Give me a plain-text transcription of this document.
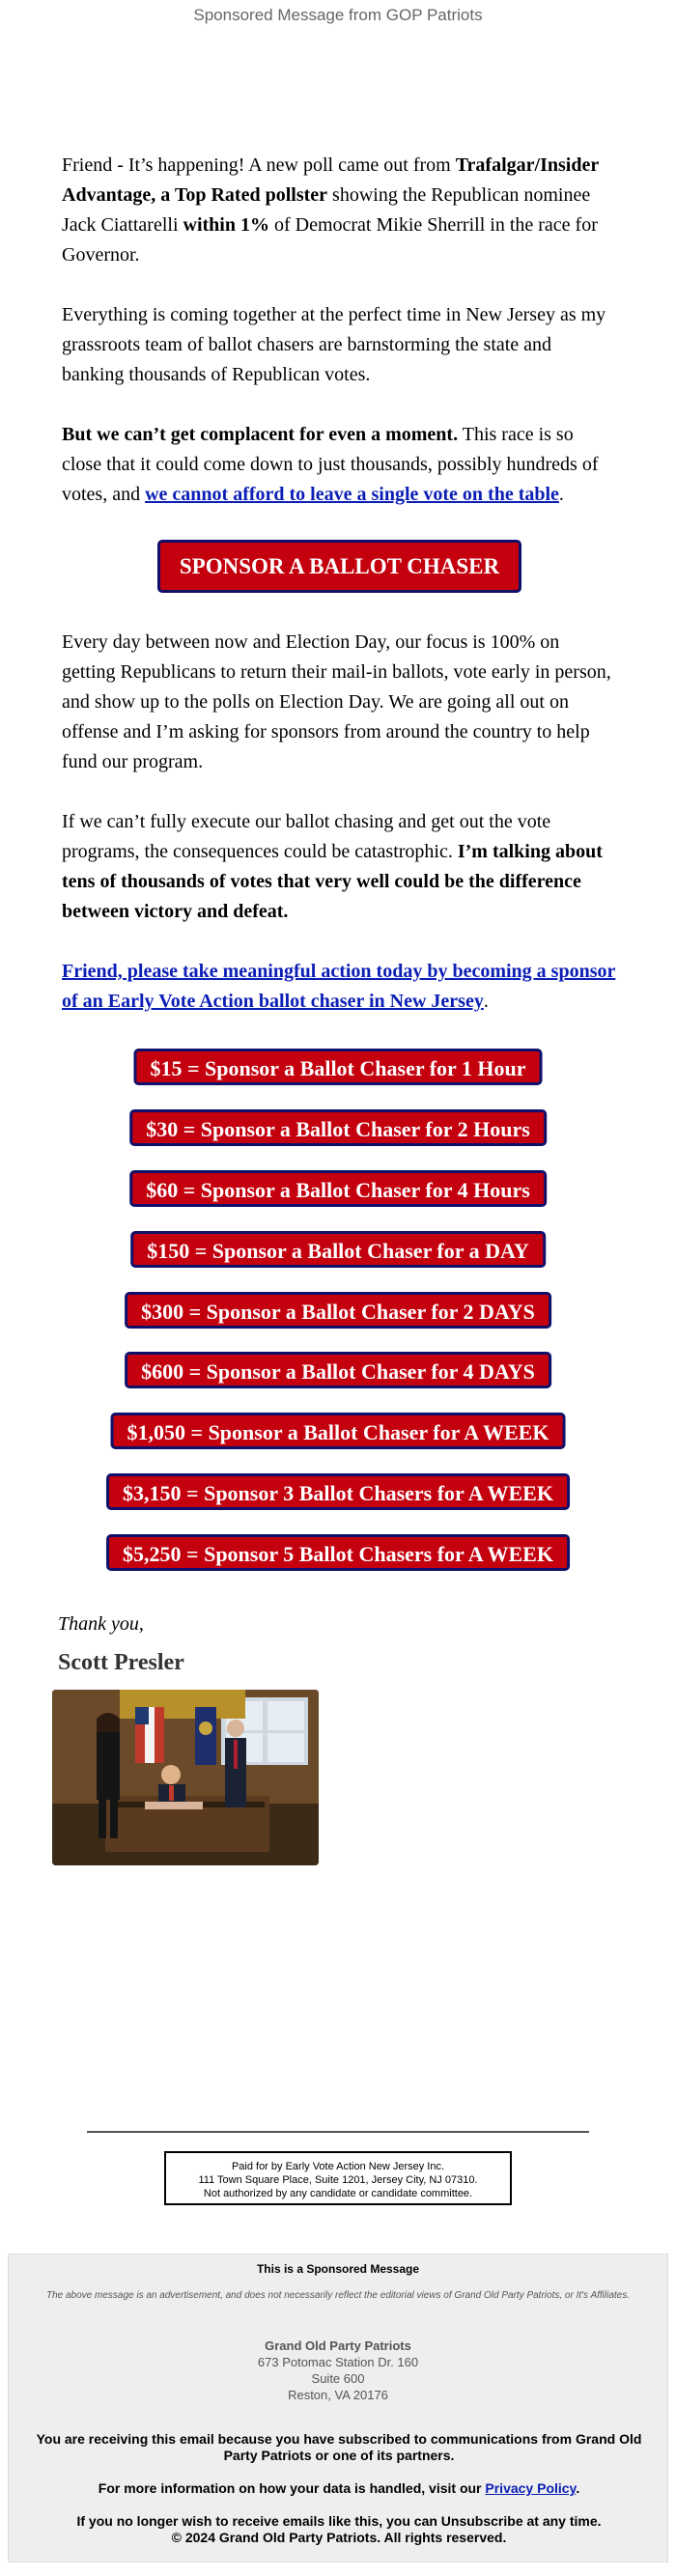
Sponsored Message from GOP Patriots

Friend - It’s happening! A new poll came out from Trafalgar/Insider Advantage, a Top Rated pollster showing the Republican nominee Jack Ciattarelli within 1% of Democrat Mikie Sherrill in the race for Governor.

Everything is coming together at the perfect time in New Jersey as my grassroots team of ballot chasers are barnstorming the state and banking thousands of Republican votes.

But we can’t get complacent for even a moment. This race is so close that it could come down to just thousands, possibly hundreds of votes, and we cannot afford to leave a single vote on the table.

SPONSOR A BALLOT CHASER

Every day between now and Election Day, our focus is 100% on getting Republicans to return their mail-in ballots, vote early in person, and show up to the polls on Election Day. We are going all out on offense and I’m asking for sponsors from around the country to help fund our program.

If we can’t fully execute our ballot chasing and get out the vote programs, the consequences could be catastrophic. I’m talking about tens of thousands of votes that very well could be the difference between victory and defeat.

Friend, please take meaningful action today by becoming a sponsor of an Early Vote Action ballot chaser in New Jersey.

$15 = Sponsor a Ballot Chaser for 1 Hour
$30 = Sponsor a Ballot Chaser for 2 Hours
$60 = Sponsor a Ballot Chaser for 4 Hours
$150 = Sponsor a Ballot Chaser for a DAY
$300 = Sponsor a Ballot Chaser for 2 DAYS
$600 = Sponsor a Ballot Chaser for 4 DAYS
$1,050 = Sponsor a Ballot Chaser for A WEEK
$3,150 = Sponsor 3 Ballot Chasers for A WEEK
$5,250 = Sponsor 5 Ballot Chasers for A WEEK
Thank you,
Scott Presler
Paid for by Early Vote Action New Jersey Inc.
111 Town Square Place, Suite 1201, Jersey City, NJ 07310.
Not authorized by any candidate or candidate committee.
This is a Sponsored Message
The above message is an advertisement, and does not necessarily reflect the editorial views of Grand Old Party Patriots, or It's Affiliates.
Grand Old Party Patriots
673 Potomac Station Dr. 160
Suite 600
Reston, VA 20176
You are receiving this email because you have subscribed to communications from Grand Old Party Patriots or one of its partners.
For more information on how your data is handled, visit our Privacy Policy.
If you no longer wish to receive emails like this, you can Unsubscribe at any time.
© 2024 Grand Old Party Patriots. All rights reserved.
